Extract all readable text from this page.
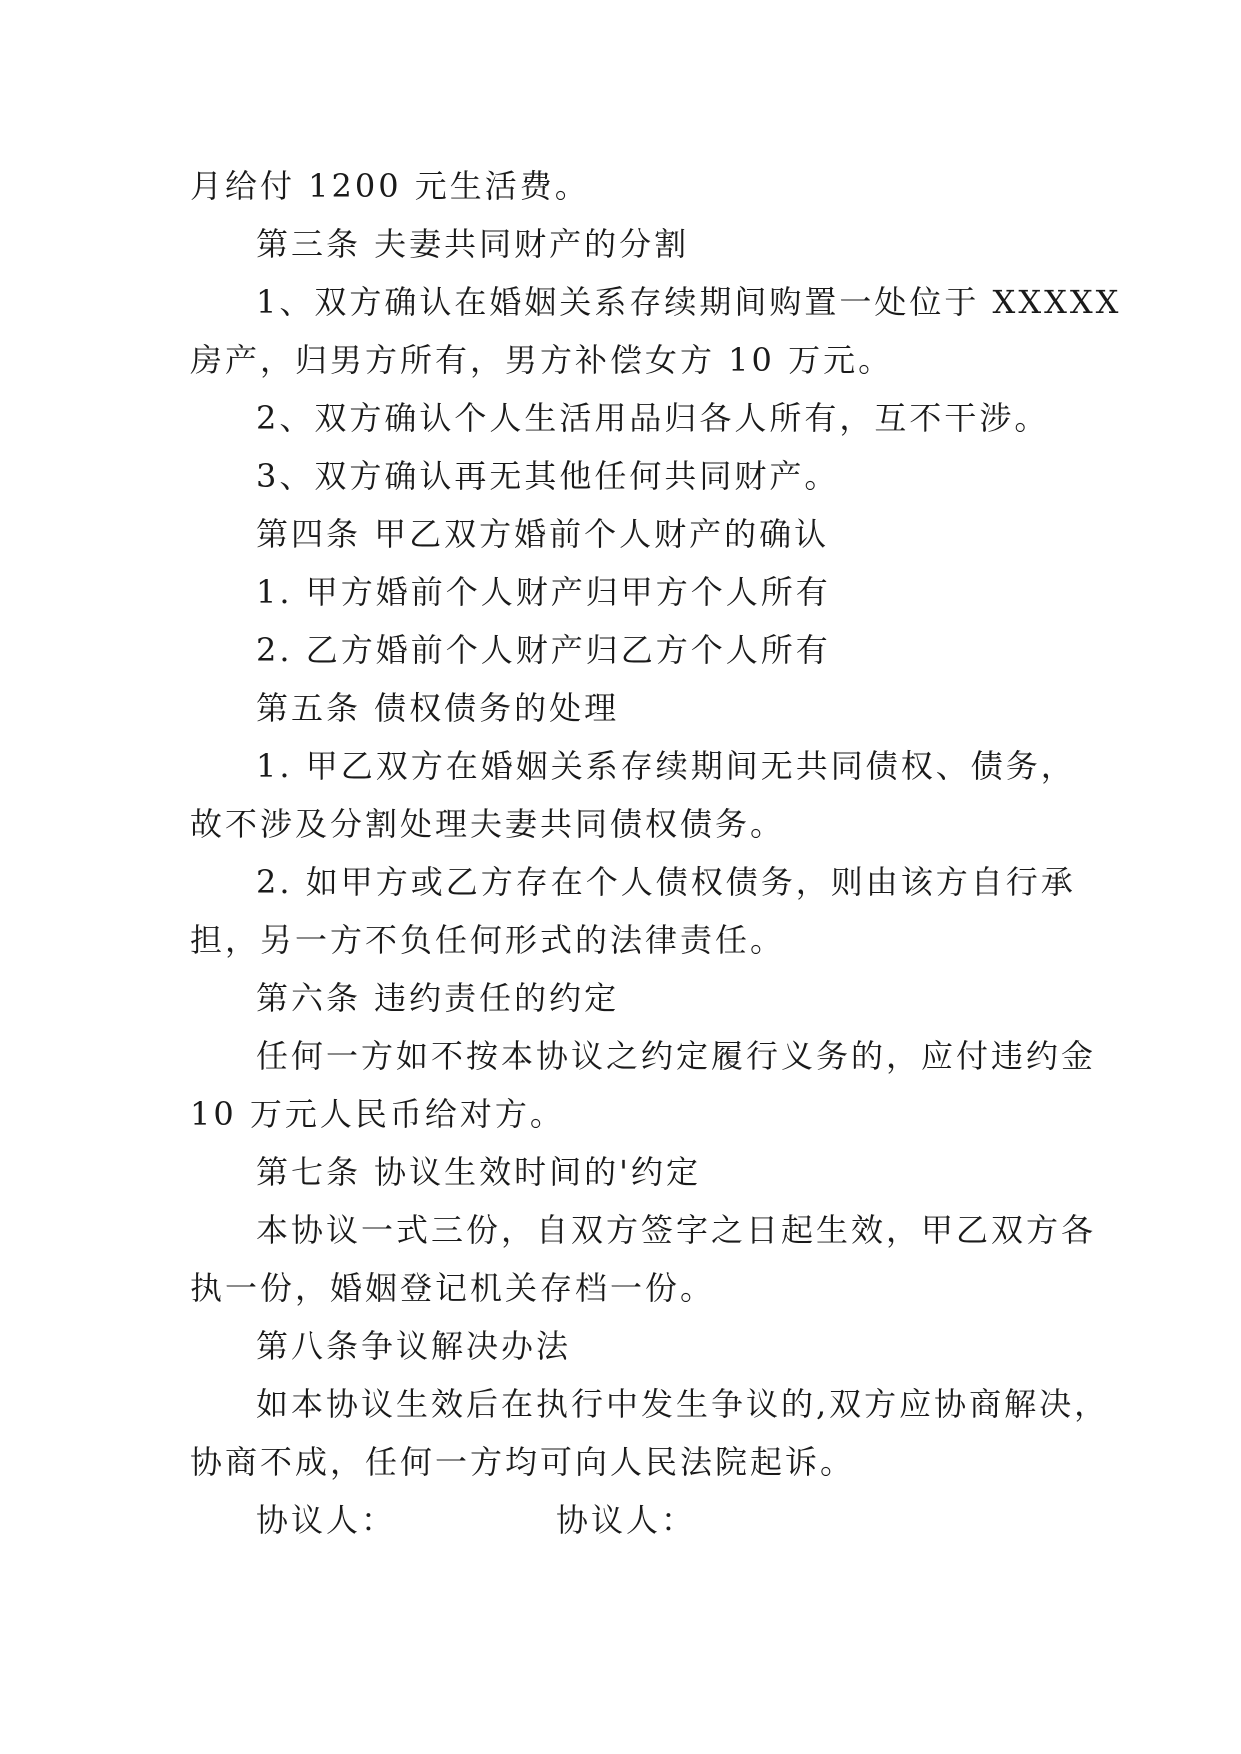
月给付 1200 元生活费。
第三条 夫妻共同财产的分割
1、双方确认在婚姻关系存续期间购置一处位于 XXXXX
房产，归男方所有，男方补偿女方 10 万元。
2、双方确认个人生活用品归各人所有，互不干涉。
3、双方确认再无其他任何共同财产。
第四条 甲乙双方婚前个人财产的确认
1. 甲方婚前个人财产归甲方个人所有
2. 乙方婚前个人财产归乙方个人所有
第五条 债权债务的处理
1. 甲乙双方在婚姻关系存续期间无共同债权、债务，
故不涉及分割处理夫妻共同债权债务。
2. 如甲方或乙方存在个人债权债务，则由该方自行承
担，另一方不负任何形式的法律责任。
第六条 违约责任的约定
任何一方如不按本协议之约定履行义务的，应付违约金
10 万元人民币给对方。
第七条 协议生效时间的'约定
本协议一式三份，自双方签字之日起生效，甲乙双方各
执一份，婚姻登记机关存档一份。
第八条争议解决办法
如本协议生效后在执行中发生争议的,双方应协商解决，
协商不成，任何一方均可向人民法院起诉。
协议人：	协议人：
